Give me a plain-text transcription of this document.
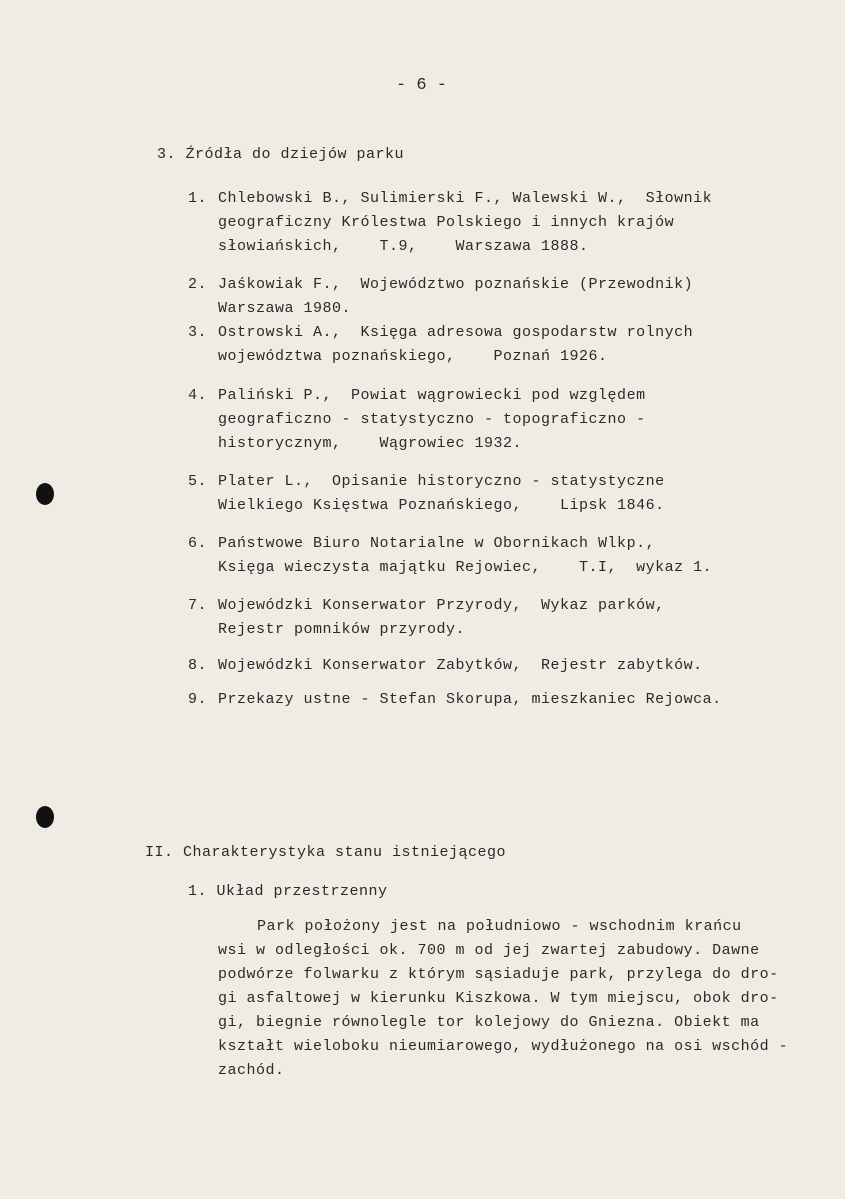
- 6 -
3. Źródła do dziejów parku
1. Chlebowski B., Sulimierski F., Walewski W.,  Słownik
geograficzny Królestwa Polskiego i innych krajów
słowiańskich,    T.9,    Warszawa 1888.
2. Jaśkowiak F.,  Województwo poznańskie (Przewodnik)
Warszawa 1980.
3. Ostrowski A.,  Księga adresowa gospodarstw rolnych
województwa poznańskiego,    Poznań 1926.
4. Paliński P.,  Powiat wągrowiecki pod względem
geograficzno - statystyczno - topograficzno -
historycznym,    Wągrowiec 1932.
5. Plater L.,  Opisanie historyczno - statystyczne
Wielkiego Księstwa Poznańskiego,    Lipsk 1846.
6. Państwowe Biuro Notarialne w Obornikach Wlkp.,
Księga wieczysta majątku Rejowiec,    T.I,  wykaz 1.
7. Wojewódzki Konserwator Przyrody,  Wykaz parków,
Rejestr pomników przyrody.
8. Wojewódzki Konserwator Zabytków,  Rejestr zabytków.
9. Przekazy ustne - Stefan Skorupa, mieszkaniec Rejowca.
II. Charakterystyka stanu istniejącego
1. Układ przestrzenny
Park położony jest na południowo - wschodnim krańcu
wsi w odległości ok. 700 m od jej zwartej zabudowy. Dawne
podwórze folwarku z którym sąsiaduje park, przylega do dro-
gi asfaltowej w kierunku Kiszkowa. W tym miejscu, obok dro-
gi, biegnie równolegle tor kolejowy do Gniezna. Obiekt ma
kształt wieloboku nieumiarowego, wydłużonego na osi wschód -
zachód.
